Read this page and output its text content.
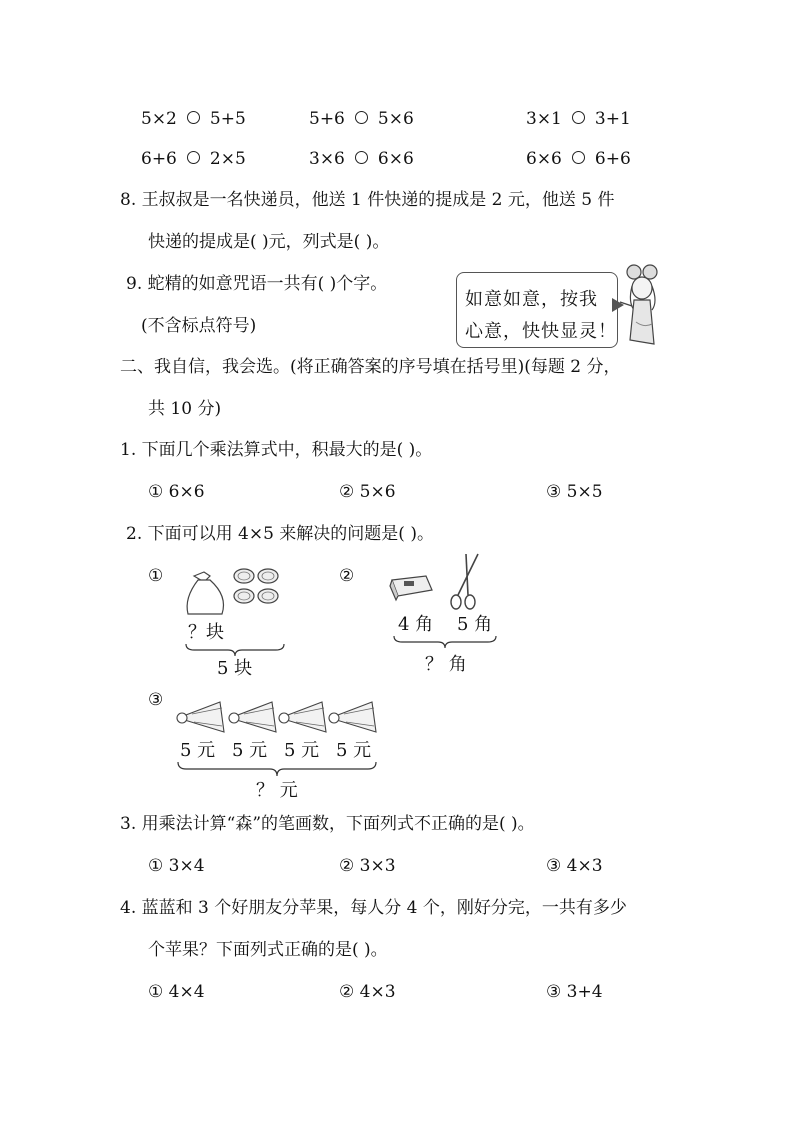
5×2 5+5	5+6 5×6	3×1 3+1
6+6 2×5	3×6 6×6	6×6 6+6
8. 王叔叔是一名快递员，他送 1 件快递的提成是 2 元，他送 5 件
快递的提成是( )元，列式是( )。
9. 蛇精的如意咒语一共有( )个字。
(不含标点符号)
如意如意，按我
心意，快快显灵！
二、我自信，我会选。(将正确答案的序号填在括号里)(每题 2 分，
共 10 分)
1. 下面几个乘法算式中，积最大的是( )。
① 6×6	② 5×6	③ 5×5
2. 下面可以用 4×5 来解决的问题是( )。
①
？块
5 块
②
4 角 5 角
？ 角
③
5 元 5 元 5 元 5 元
？ 元
3. 用乘法计算“森”的笔画数，下面列式不正确的是( )。
① 3×4	② 3×3	③ 4×3
4. 蓝蓝和 3 个好朋友分苹果，每人分 4 个，刚好分完，一共有多少
个苹果？下面列式正确的是( )。
① 4×4	② 4×3	③ 3+4
